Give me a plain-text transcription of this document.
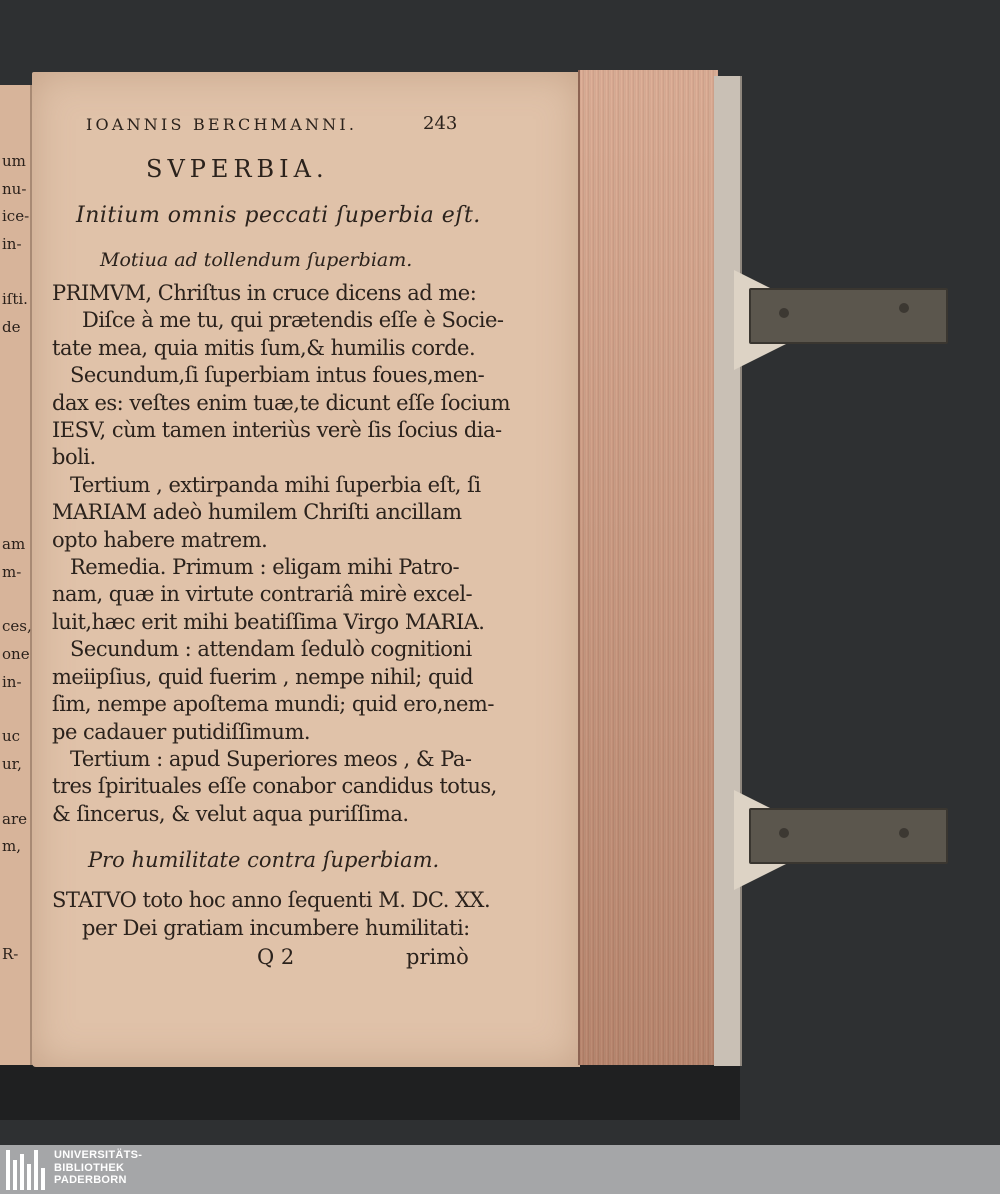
um
nu-
ice-
in-
iſti.
de
am
m-
ces,
one
in-
uc
ur,
are
m,
R-
IOANNIS BERCHMANNI.	243
SVPERBIA.
Initium omnis peccati ſuperbia eſt.
Motiua ad tollendum ſuperbiam.
PRIMVM, Chriſtus in cruce dicens ad me:
Diſce à me tu, qui prætendis eſſe è Socie-
tate mea, quia mitis ſum,& humilis corde.
Secundum,ſi ſuperbiam intus foues,men-
dax es: veſtes enim tuæ,te dicunt eſſe ſocium
IESV, cùm tamen interiùs verè ſis ſocius dia-
boli.
Tertium , extirpanda mihi ſuperbia eſt, ſi
MARIAM adeò humilem Chriſti ancillam
opto habere matrem.
Remedia. Primum : eligam mihi Patro-
nam, quæ in virtute contrariâ mirè excel-
luit,hæc erit mihi beatiſſima Virgo MARIA.
Secundum : attendam ſedulò cognitioni
meiipſius, quid fuerim , nempe nihil; quid
ſim, nempe apoſtema mundi; quid ero,nem-
pe cadauer putidiſſimum.
Tertium : apud Superiores meos , & Pa-
tres ſpirituales eſſe conabor candidus totus,
& ſincerus, & velut aqua puriſſima.
Pro humilitate contra ſuperbiam.
STATVO toto hoc anno ſequenti M. DC. XX.
per Dei gratiam incumbere humilitati:
Q 2	primò
UNIVERSITÄTS-
BIBLIOTHEK
PADERBORN
